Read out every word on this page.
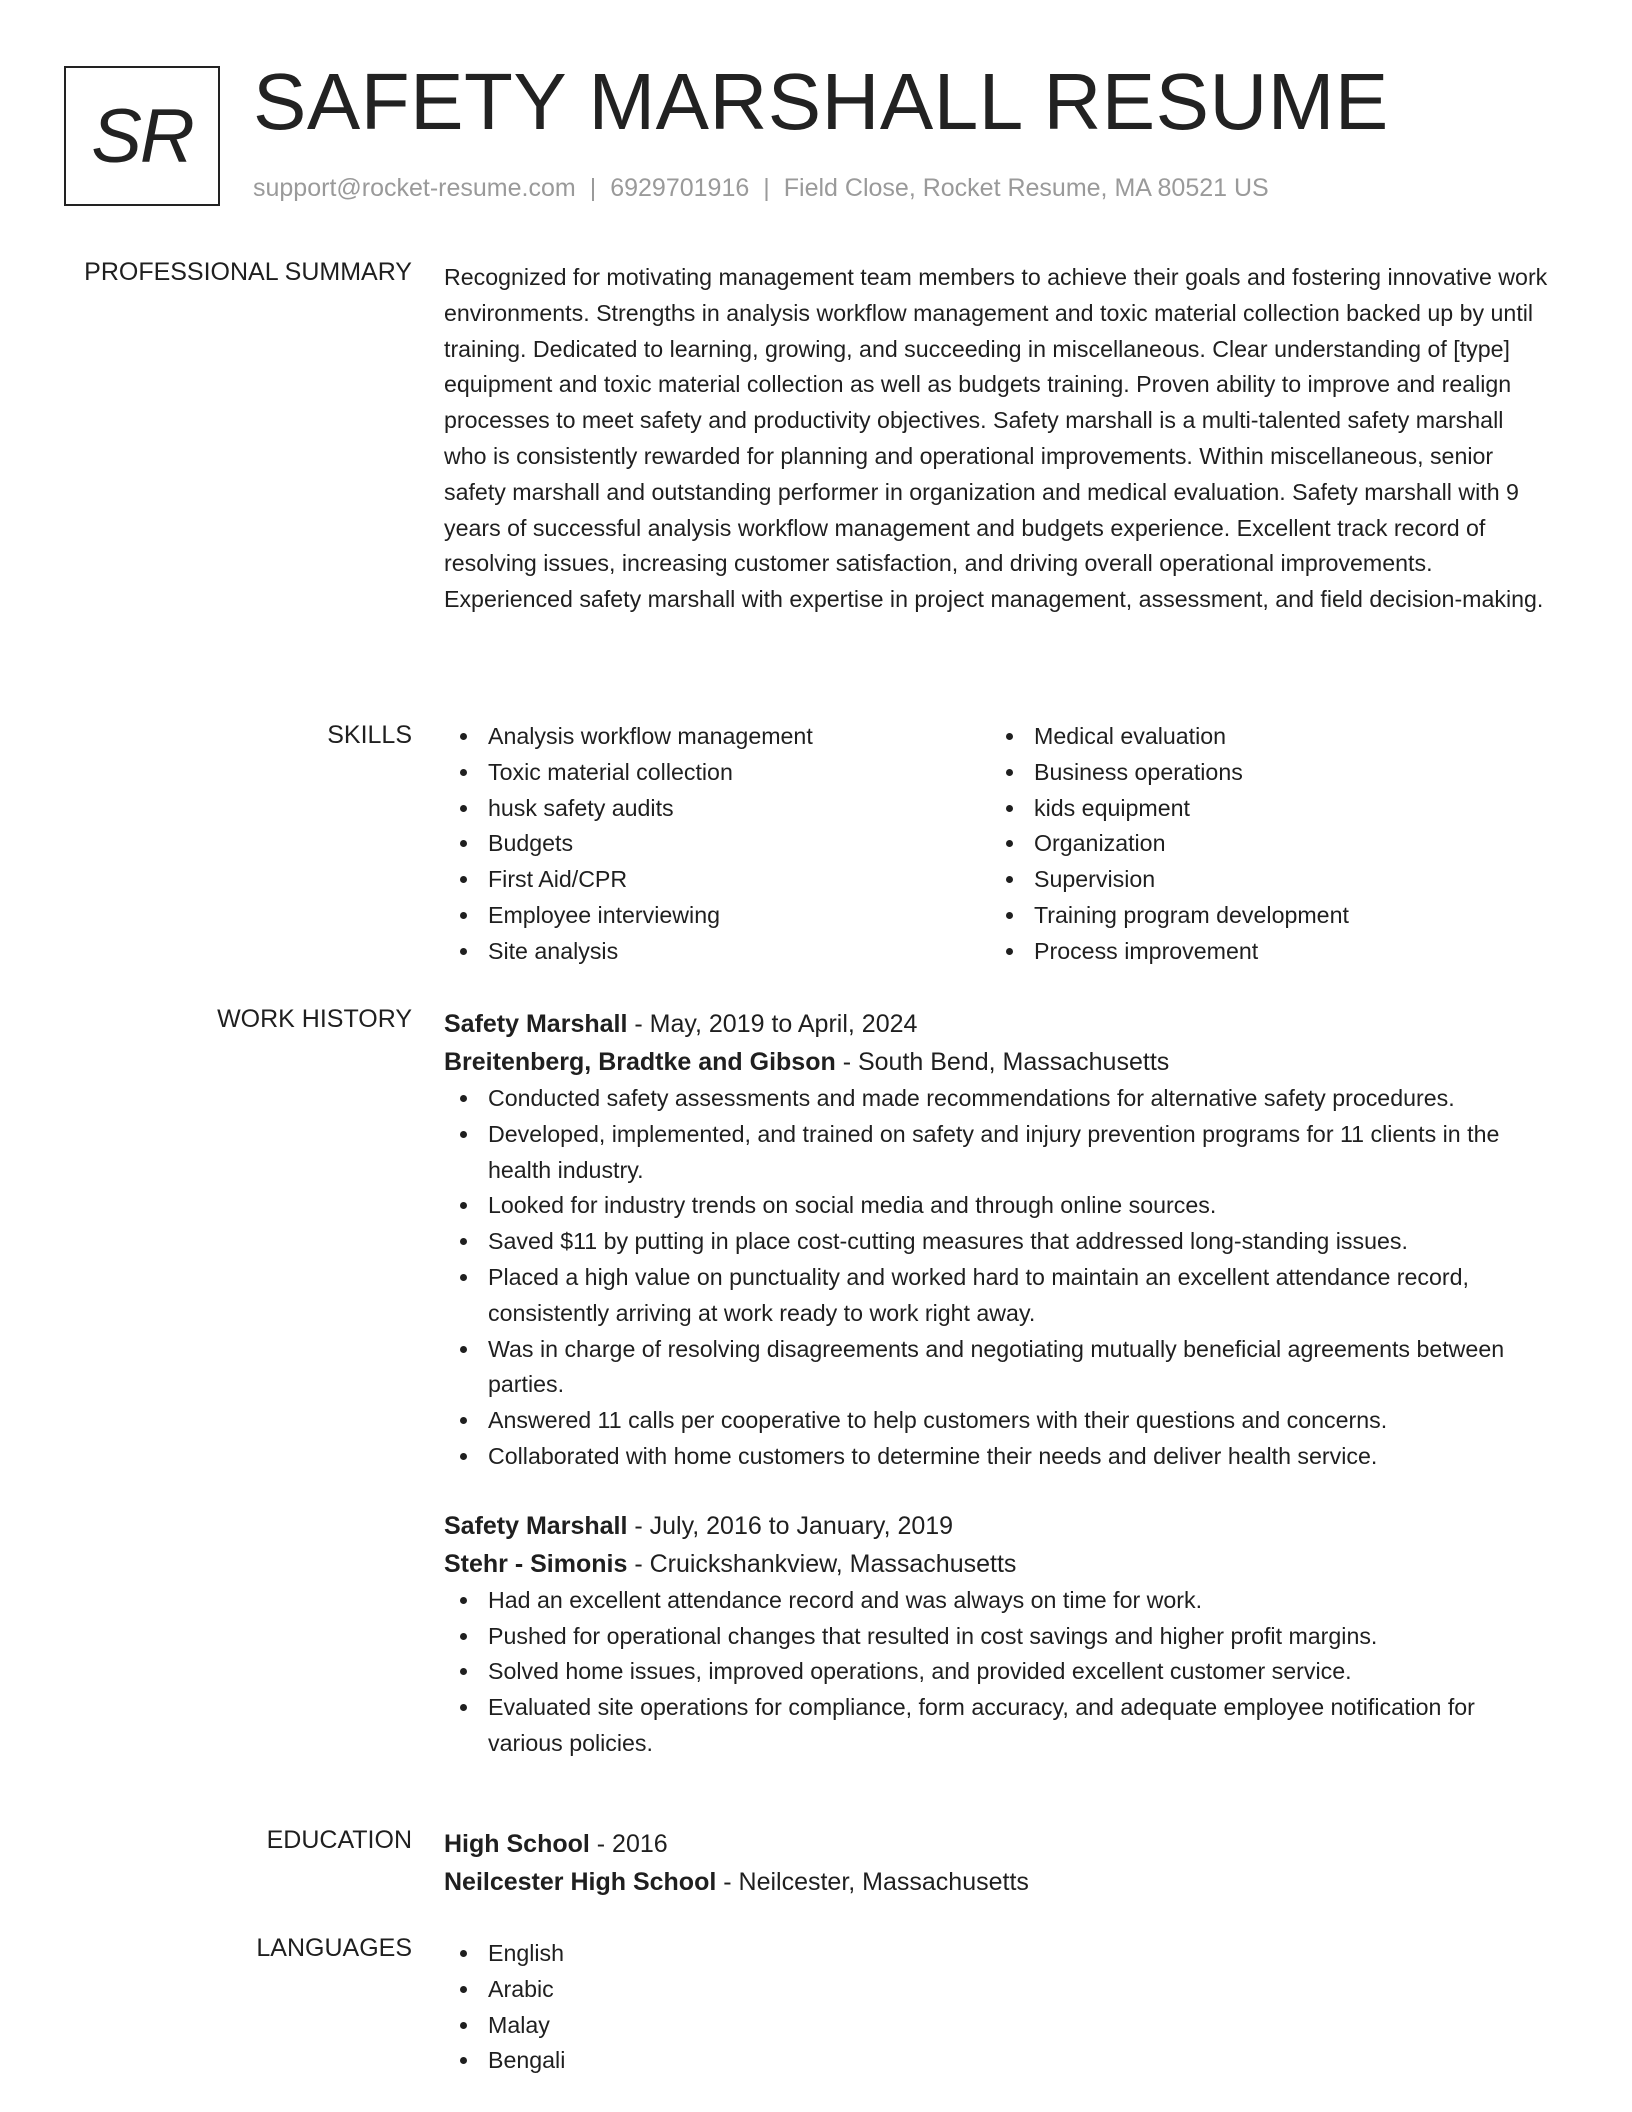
SR SAFETY MARSHALL RESUME
support@rocket-resume.com | 6929701916 | Field Close, Rocket Resume, MA 80521 US
PROFESSIONAL SUMMARY Recognized for motivating management team members to achieve their goals and fostering innovative work environments. Strengths in analysis workflow management and toxic material collection backed up by until training. Dedicated to learning, growing, and succeeding in miscellaneous. Clear understanding of [type] equipment and toxic material collection as well as budgets training. Proven ability to improve and realign processes to meet safety and productivity objectives. Safety marshall is a multi-talented safety marshall who is consistently rewarded for planning and operational improvements. Within miscellaneous, senior safety marshall and outstanding performer in organization and medical evaluation. Safety marshall with 9 years of successful analysis workflow management and budgets experience. Excellent track record of resolving issues, increasing customer satisfaction, and driving overall operational improvements. Experienced safety marshall with expertise in project management, assessment, and field decision-making.

SKILLS	Analysis workflow management
Toxic material collection
husk safety audits
Budgets
First Aid/CPR
Employee interviewing
Site analysis
Medical evaluation
Business operations
kids equipment
Organization
Supervision
Training program development
Process improvement
WORK HISTORY Safety Marshall - May, 2019 to April, 2024
Breitenberg, Bradtke and Gibson - South Bend, Massachusetts
Conducted safety assessments and made recommendations for alternative safety procedures.
Developed, implemented, and trained on safety and injury prevention programs for 11 clients in the health industry.
Looked for industry trends on social media and through online sources.
Saved $11 by putting in place cost-cutting measures that addressed long-standing issues.
Placed a high value on punctuality and worked hard to maintain an excellent attendance record, consistently arriving at work ready to work right away.
Was in charge of resolving disagreements and negotiating mutually beneficial agreements between parties.
Answered 11 calls per cooperative to help customers with their questions and concerns.
Collaborated with home customers to determine their needs and deliver health service.
Safety Marshall - July, 2016 to January, 2019
Stehr - Simonis - Cruickshankview, Massachusetts
Had an excellent attendance record and was always on time for work.
Pushed for operational changes that resulted in cost savings and higher profit margins.
Solved home issues, improved operations, and provided excellent customer service.
Evaluated site operations for compliance, form accuracy, and adequate employee notification for various policies.
EDUCATION High School - 2016
Neilcester High School - Neilcester, Massachusetts
LANGUAGES	English
Arabic
Malay
Bengali
